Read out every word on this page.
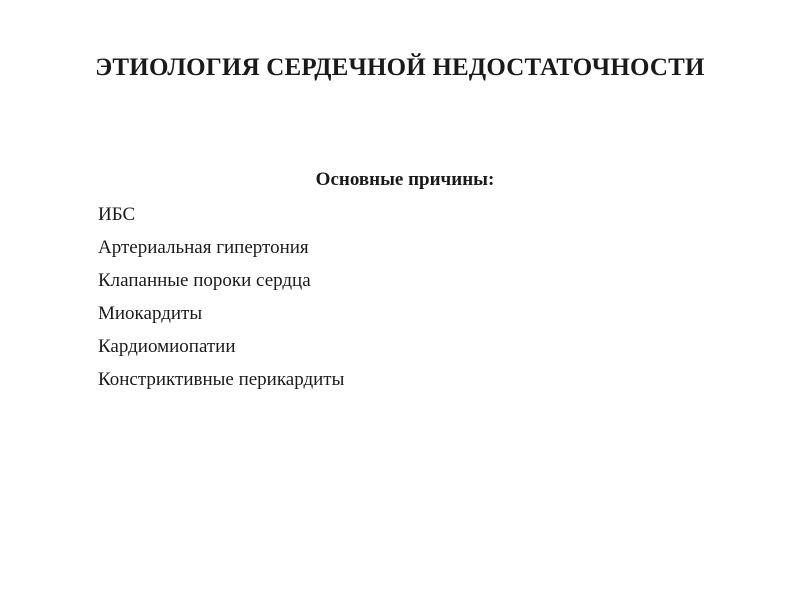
ЭТИОЛОГИЯ СЕРДЕЧНОЙ НЕДОСТАТОЧНОСТИ

Основные причины:

ИБС
Артериальная гипертония
Клапанные пороки сердца
Миокардиты
Кардиомиопатии
Констриктивные перикардиты
